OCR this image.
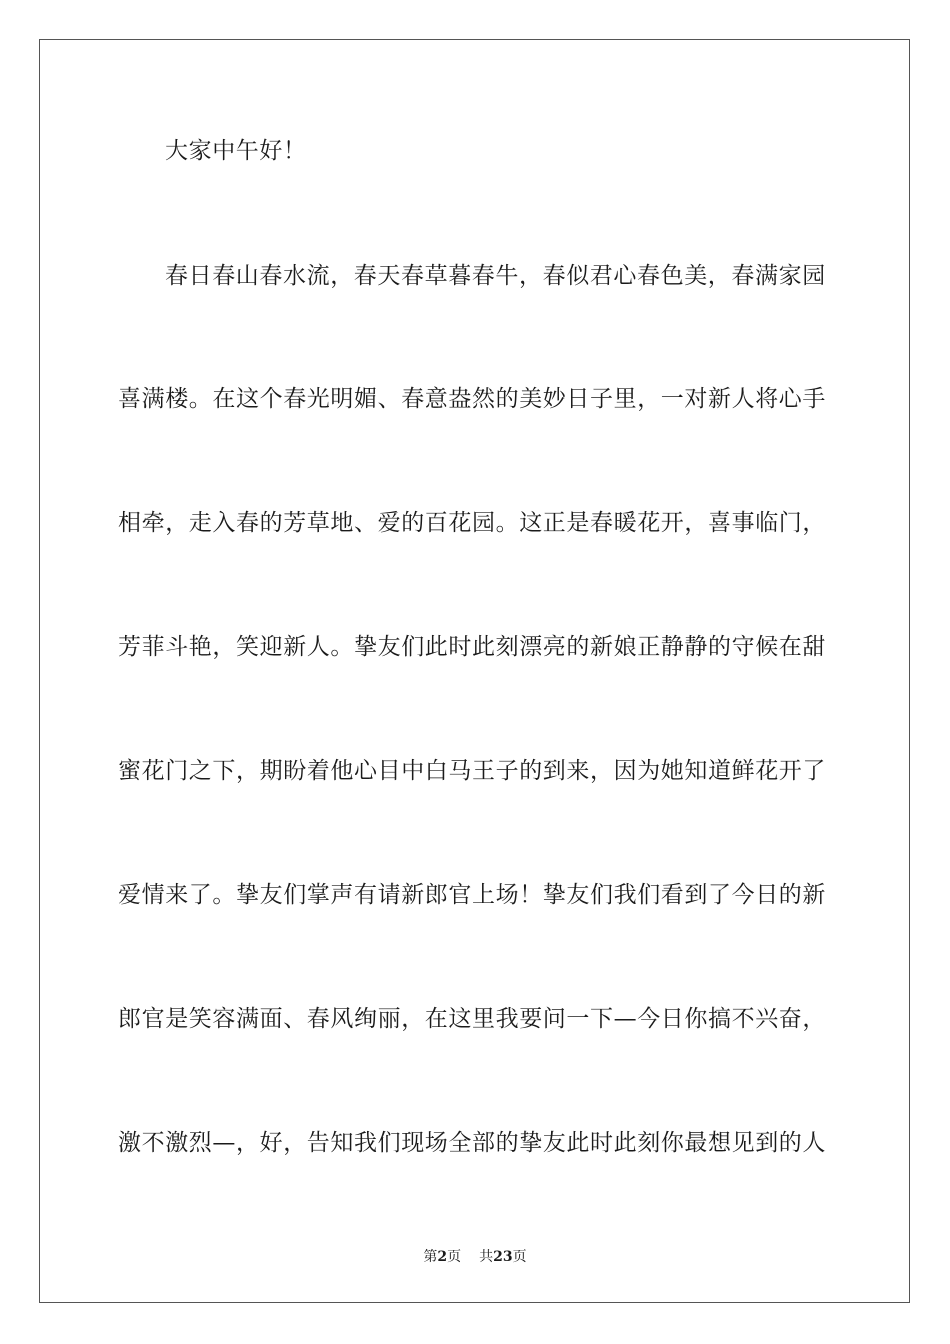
大家中午好！
春日春山春水流，春天春草暮春牛，春似君心春色美，春满家园
喜满楼。在这个春光明媚、春意盎然的美妙日子里，一对新人将心手
相牵，走入春的芳草地、爱的百花园。这正是春暖花开，喜事临门，
芳菲斗艳，笑迎新人。挚友们此时此刻漂亮的新娘正静静的守候在甜
蜜花门之下，期盼着他心目中白马王子的到来，因为她知道鲜花开了
爱情来了。挚友们掌声有请新郎官上场！挚友们我们看到了今日的新
郎官是笑容满面、春风绚丽，在这里我要问一下—今日你搞不兴奋，
激不激烈—，好，告知我们现场全部的挚友此时此刻你最想见到的人
第2页 共23页
